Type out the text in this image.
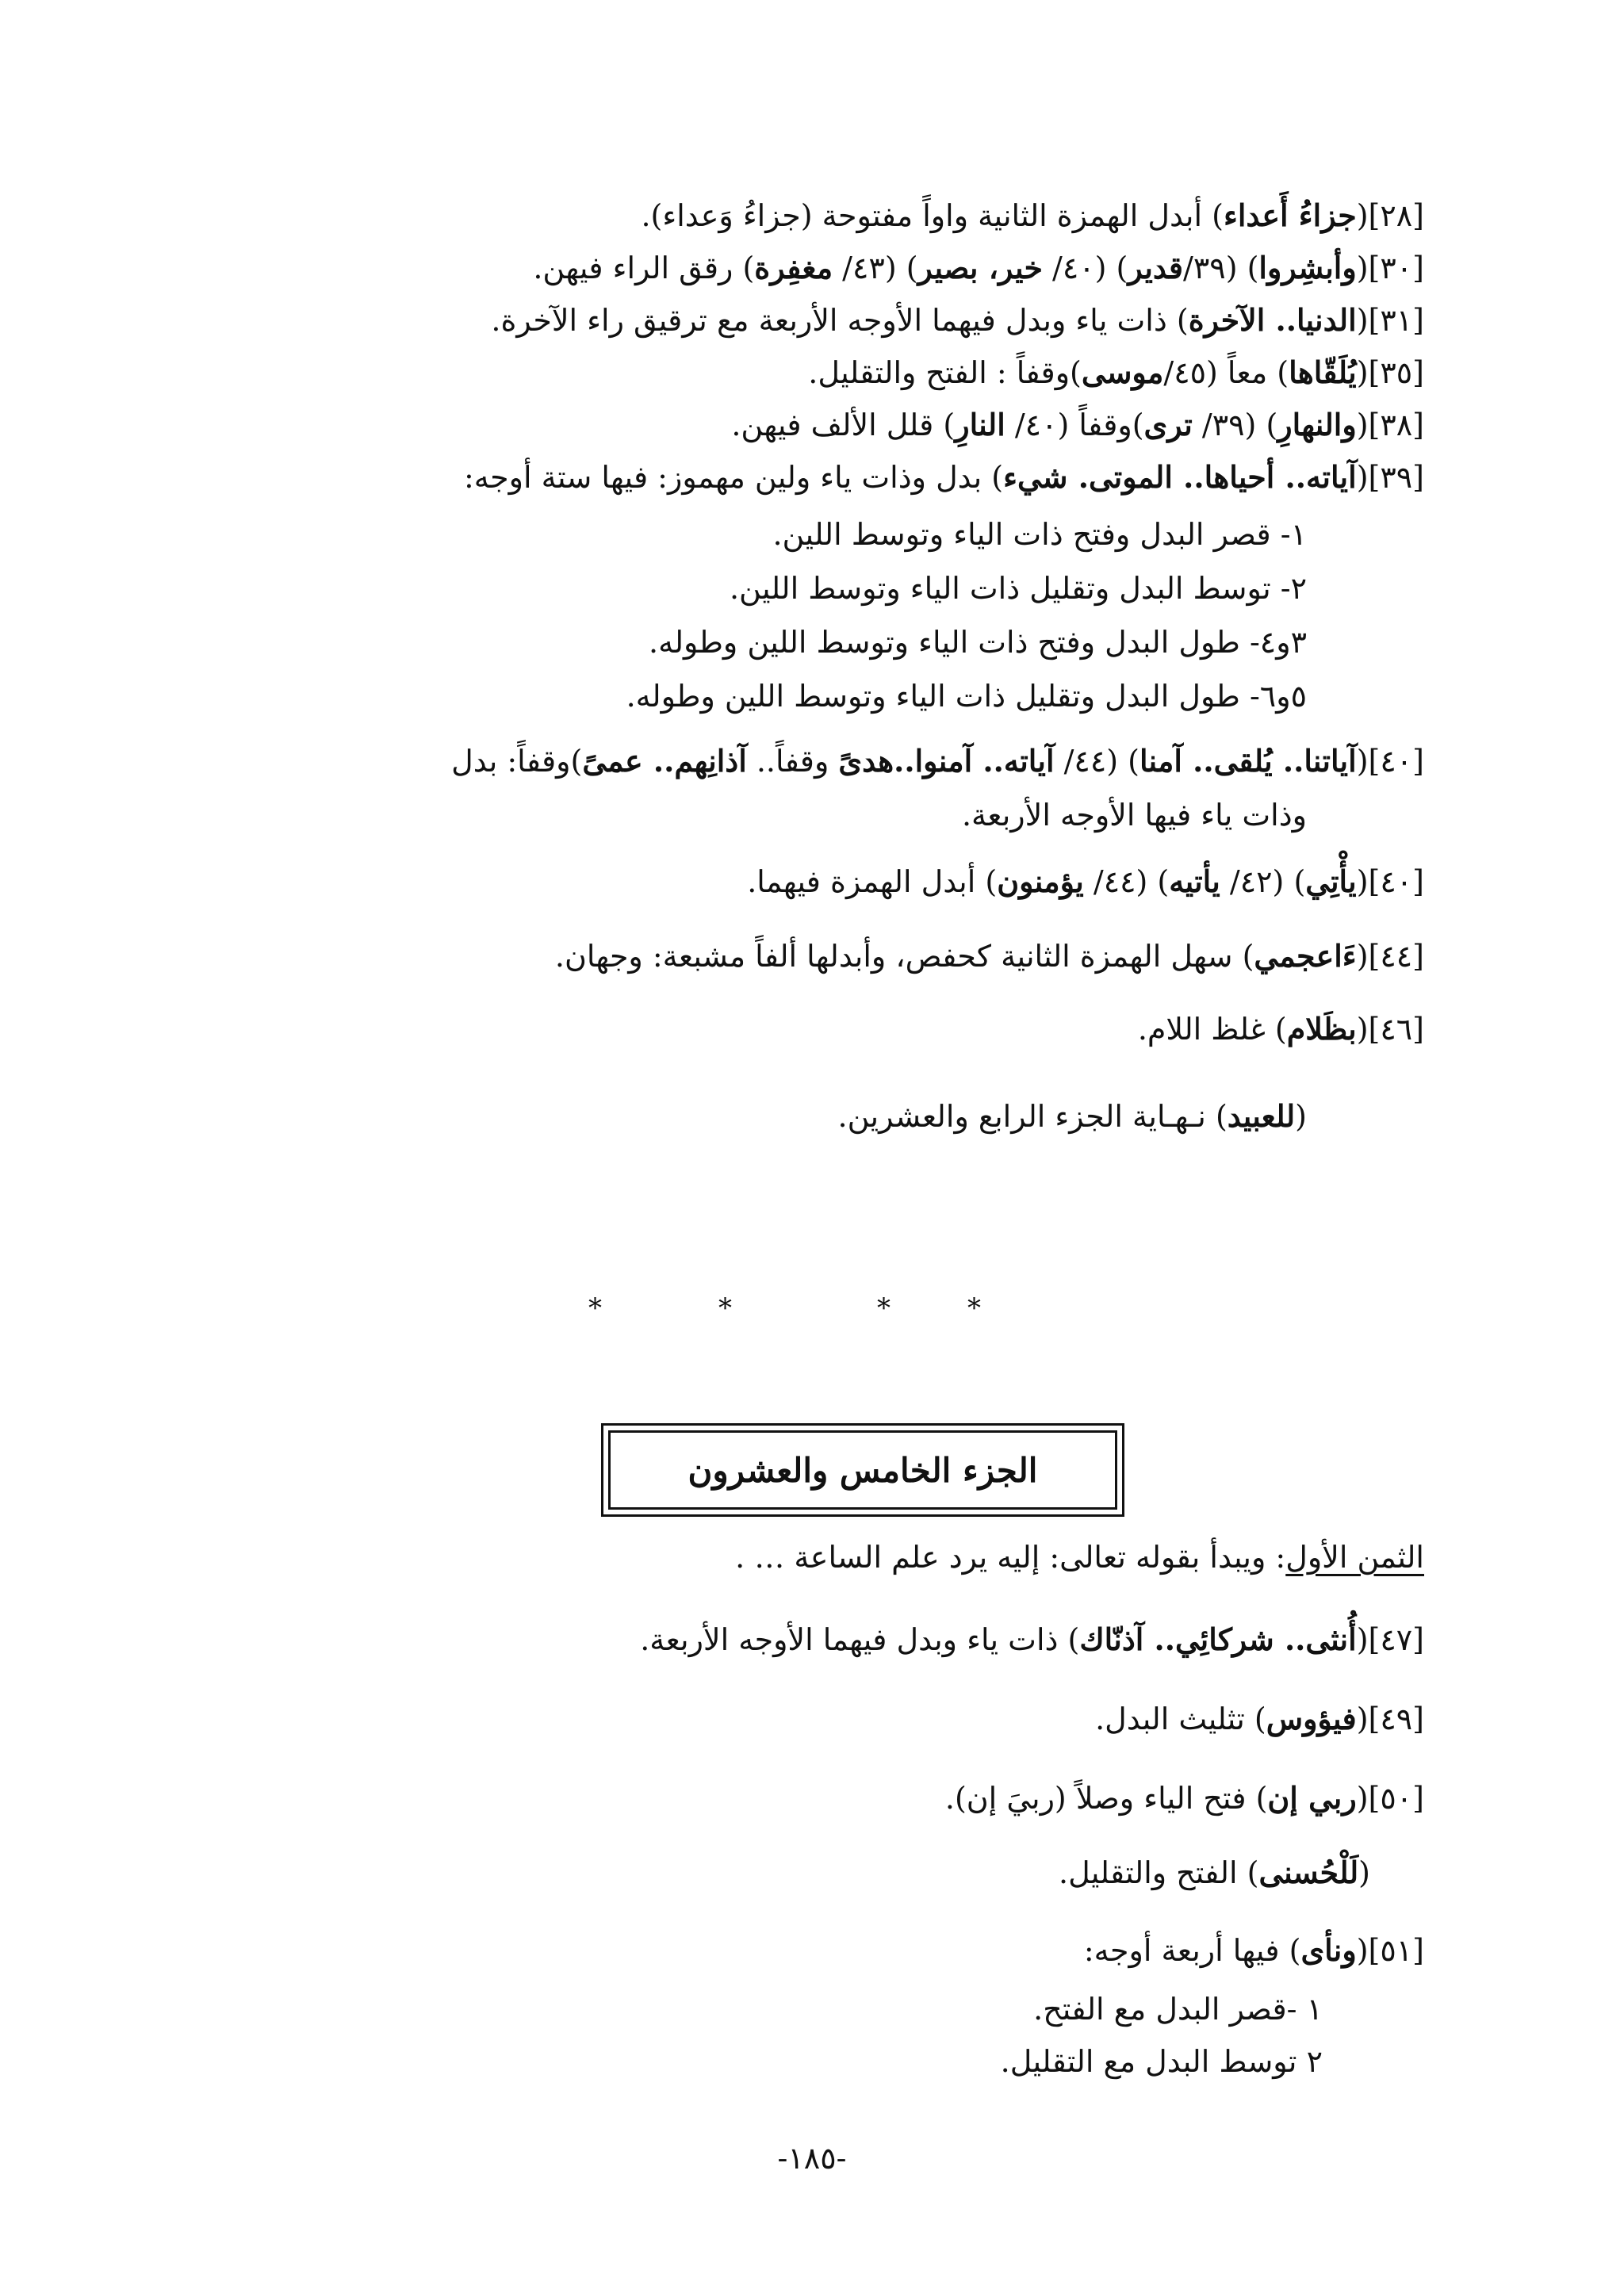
[٢٨](جزاءُ أَعداء) أبدل الهمزة الثانية واواً مفتوحة (جزاءُ وَعداء).
[٣٠](وأبشِروا) (٣٩/قدير) (٤٠/ خير، بصير) (٤٣/ مغفِرة) رقق الراء فيهن.
[٣١](الدنيا.. الآخرة) ذات ياء وبدل فيهما الأوجه الأربعة مع ترقيق راء الآخرة.
[٣٥](يُلَقّاها) معاً (٤٥/موسى)وقفاً : الفتح والتقليل.
[٣٨](والنهارِ) (٣٩/ ترى)وقفاً (٤٠/ النارِ) قلل الألف فيهن.
[٣٩](آياته.. أحياها.. الموتى. شيء) بدل وذات ياء ولين مهموز: فيها ستة أوجه:
١- قصر البدل وفتح ذات الياء وتوسط اللين.
٢- توسط البدل وتقليل ذات الياء وتوسط اللين.
٣و٤- طول البدل وفتح ذات الياء وتوسط اللين وطوله.
٥و٦- طول البدل وتقليل ذات الياء وتوسط اللين وطوله.
[٤٠](آياتنا.. يُلقى.. آمنا) (٤٤/ آياته.. آمنوا..هدىً وقفاً.. آذانِهم.. عمىً)وقفاً: بدل
وذات ياء فيها الأوجه الأربعة.
[٤٠](يأْتِي) (٤٢/ يأتيه) (٤٤/ يؤمنون) أبدل الهمزة فيهما.
[٤٤](ءَاعجمي) سهل الهمزة الثانية كحفص، وأبدلها ألفاً مشبعة: وجهان.
[٤٦](بظَلام) غلظ اللام.
(للعبيد) نـهـاية الجزء الرابع والعشرين.
*	*	*	*
الجزء الخامس والعشرون
الثمن الأول: ويبدأ بقوله تعالى: إليه يرد علم الساعة … .
[٤٧](أُنثى.. شركائِي.. آذنّاك) ذات ياء وبدل فيهما الأوجه الأربعة.
[٤٩](فيؤوس) تثليث البدل.
[٥٠](ربي إن) فتح الياء وصلاً (ربيَ إن).
(لَلْحُسنى) الفتح والتقليل.
[٥١](ونأى) فيها أربعة أوجه:
١ -قصر البدل مع الفتح.
٢ توسط البدل مع التقليل.
-١٨٥-
